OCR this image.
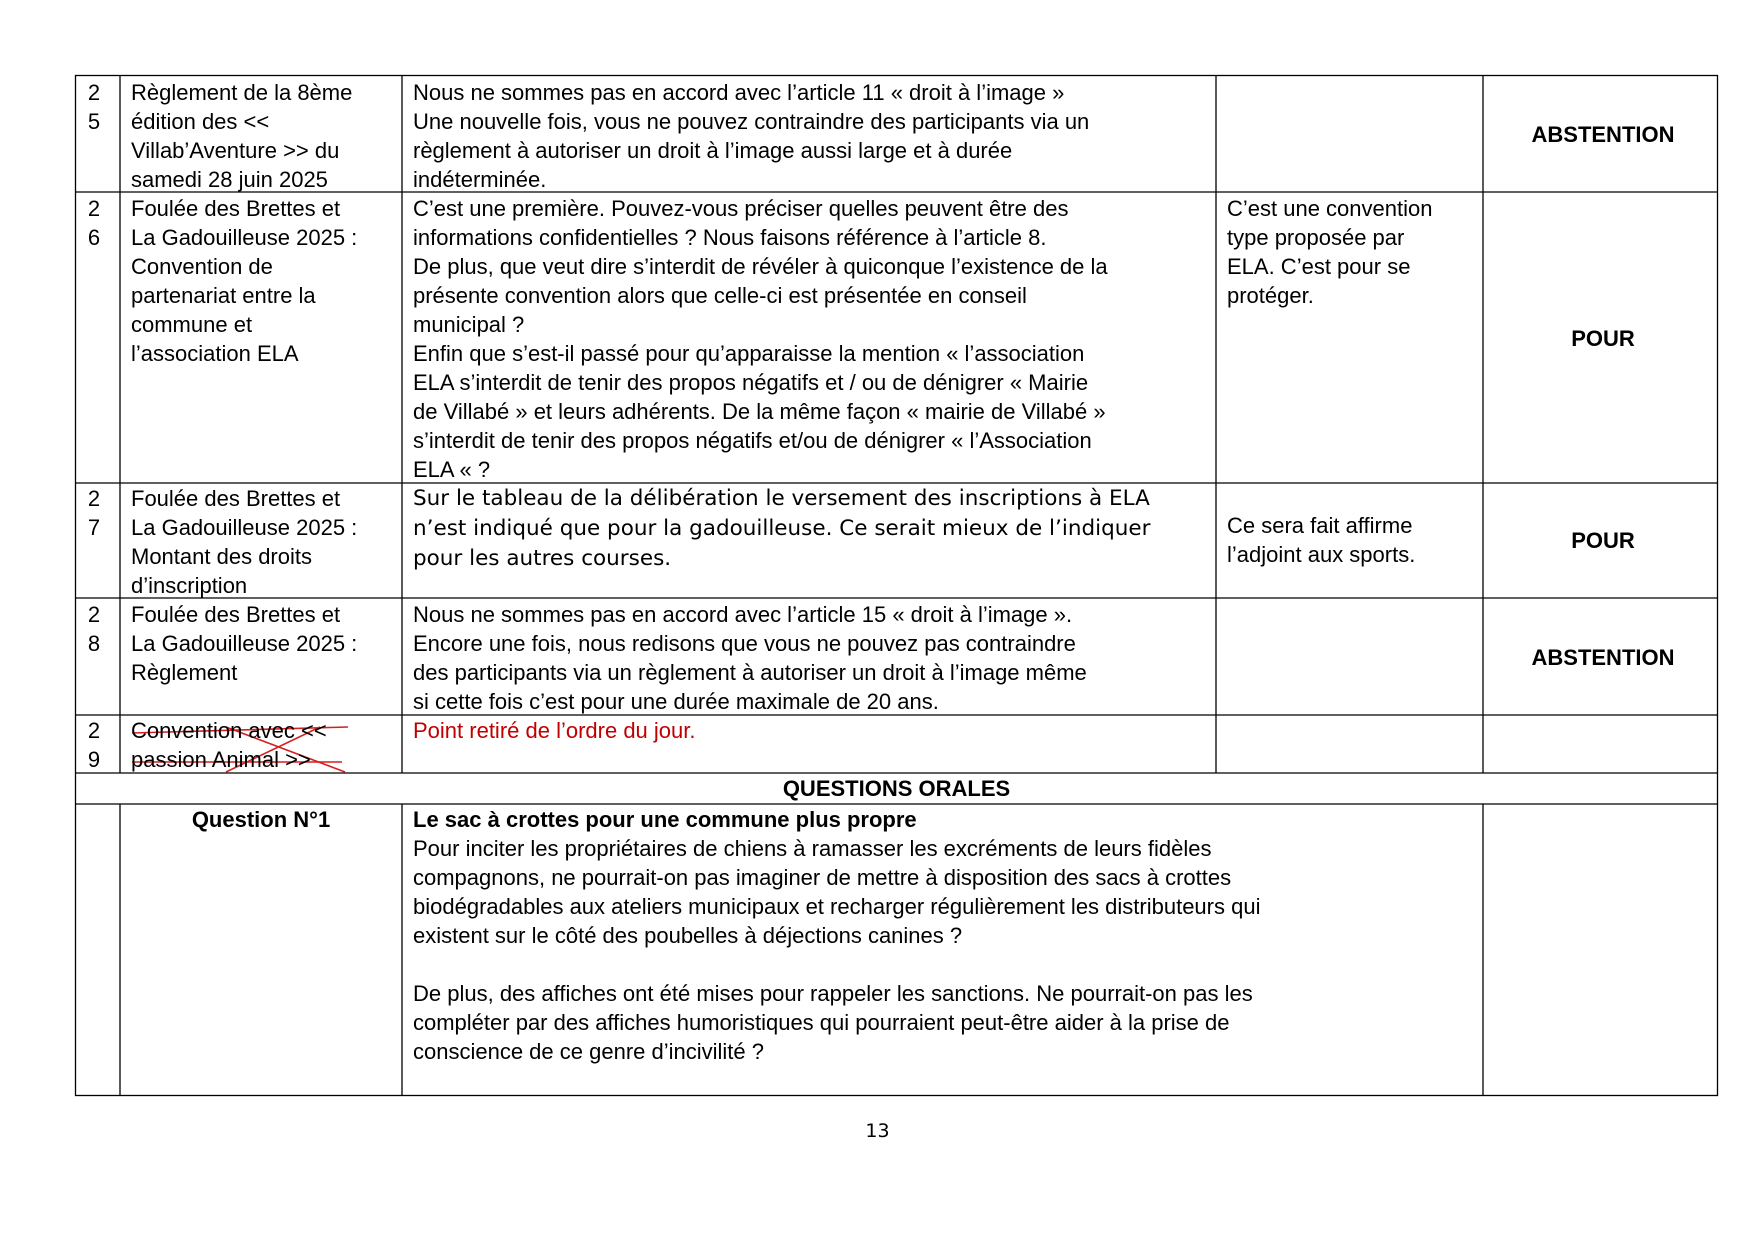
2
5
Règlement de la 8ème
édition des <<
Villab’Aventure >> du
samedi 28 juin 2025
Nous ne sommes pas en accord avec l’article 11 « droit à l’image »
Une nouvelle fois, vous ne pouvez contraindre des participants via un
règlement à autoriser un droit à l’image aussi large et à durée
indéterminée.
ABSTENTION
2
6
Foulée des Brettes et
La Gadouilleuse 2025 :
Convention de
partenariat entre la
commune et
l’association ELA
C’est une première. Pouvez-vous préciser quelles peuvent être des
informations confidentielles ? Nous faisons référence à l’article 8.
De plus, que veut dire s’interdit de révéler à quiconque l’existence de la
présente convention alors que celle-ci est présentée en conseil
municipal ?
Enfin que s’est-il passé pour qu’apparaisse la mention « l’association
ELA s’interdit de tenir des propos négatifs et / ou de dénigrer « Mairie
de Villabé » et leurs adhérents. De la même façon « mairie de Villabé »
s’interdit de tenir des propos négatifs et/ou de dénigrer « l’Association
ELA « ?
C’est une convention
type proposée par
ELA. C’est pour se
protéger.
POUR
2
7
Foulée des Brettes et
La Gadouilleuse 2025 :
Montant des droits
d’inscription
Sur le tableau de la délibération le versement des inscriptions à ELA
n’est indiqué que pour la gadouilleuse. Ce serait mieux de l’indiquer
pour les autres courses.
Ce sera fait affirme
l’adjoint aux sports.
POUR
2
8
Foulée des Brettes et
La Gadouilleuse 2025 :
Règlement
Nous ne sommes pas en accord avec l’article 15 « droit à l’image ».
Encore une fois, nous redisons que vous ne pouvez pas contraindre
des participants via un règlement à autoriser un droit à l’image même
si cette fois c’est pour une durée maximale de 20 ans.
ABSTENTION
2
9
Convention avec <<
passion Animal >>
Point retiré de l’ordre du jour.
QUESTIONS ORALES
Question N°1	Le sac à crottes pour une commune plus propre
Pour inciter les propriétaires de chiens à ramasser les excréments de leurs fidèles
compagnons, ne pourrait-on pas imaginer de mettre à disposition des sacs à crottes
biodégradables aux ateliers municipaux et recharger régulièrement les distributeurs qui
existent sur le côté des poubelles à déjections canines ?
De plus, des affiches ont été mises pour rappeler les sanctions. Ne pourrait-on pas les
compléter par des affiches humoristiques qui pourraient peut-être aider à la prise de
conscience de ce genre d’incivilité ?
13
